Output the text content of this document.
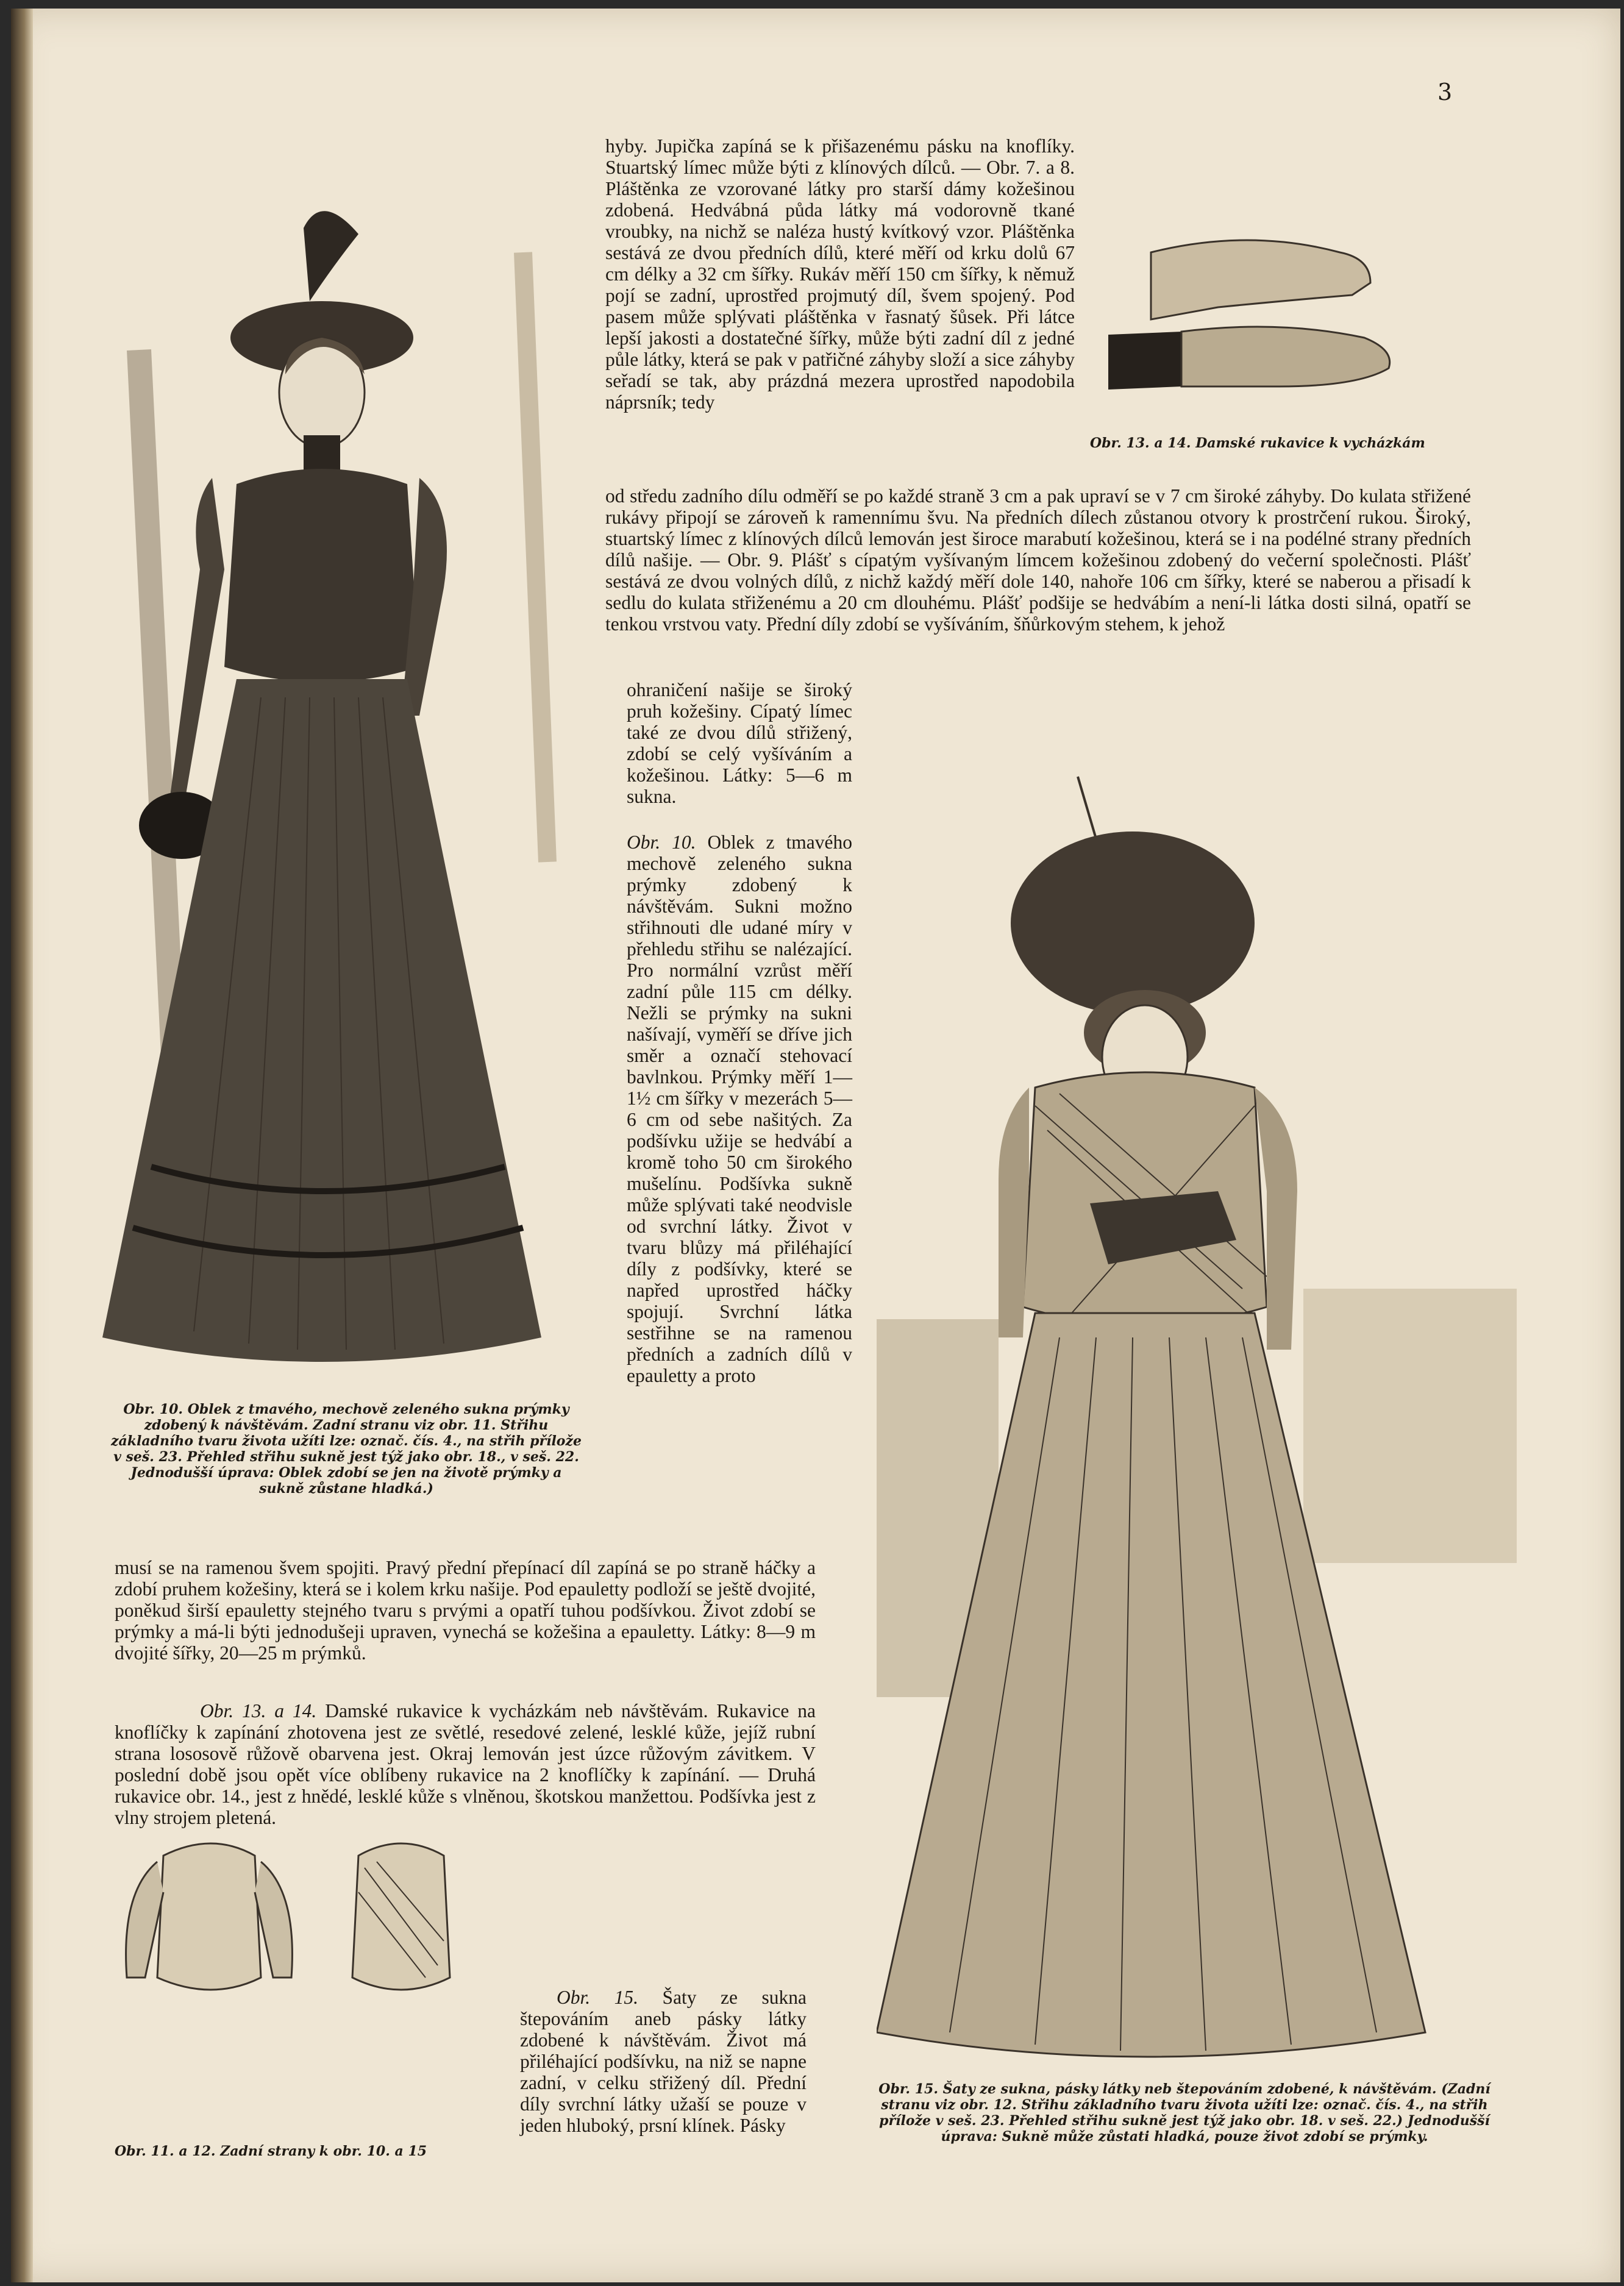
3

hyby. Jupička zapíná se k přišazenému pásku na knoflíky. Stuartský límec může býti z klínových dílců. — Obr. 7. a 8. Pláštěnka ze vzorované látky pro starší dámy kožešinou zdobená. Hedvábná půda látky má vodorovně tkané vroubky, na nichž se naléza hustý kvítkový vzor. Pláštěnka sestává ze dvou předních dílů, které měří od krku dolů 67 cm délky a 32 cm šířky. Rukáv měří 150 cm šířky, k němuž pojí se zadní, uprostřed projmutý díl, švem spojený. Pod pasem může splývati pláštěnka v řasnatý šůsek. Při látce lepší jakosti a dostatečné šířky, může býti zadní díl z jedné půle látky, která se pak v patřičné záhyby složí a sice záhyby seřadí se tak, aby prázdná mezera uprostřed napodobila náprsník; tedy

Obr. 13. a 14. Damské rukavice k vycházkám

od středu zadního dílu odměří se po každé straně 3 cm a pak upraví se v 7 cm široké záhyby. Do kulata střižené rukávy připojí se zároveň k ramennímu švu. Na předních dílech zůstanou otvory k prostrčení rukou. Široký, stuartský límec z klínových dílců lemován jest široce marabutí kožešinou, která se i na podélné strany předních dílů našije. — Obr. 9. Plášť s cípatým vyšívaným límcem kožešinou zdobený do večerní společnosti. Plášť sestává ze dvou volných dílů, z nichž každý měří dole 140, nahoře 106 cm šířky, které se naberou a přisadí k sedlu do kulata střiženému a 20 cm dlouhému. Plášť podšije se hedvábím a není-li látka dosti silná, opatří se tenkou vrstvou vaty. Přední díly zdobí se vyšíváním, šňůrkovým stehem, k jehož

ohraničení našije se široký pruh kožešiny. Cípatý límec také ze dvou dílů střižený, zdobí se celý vyšíváním a kožešinou. Látky: 5—6 m sukna.

Obr. 10. Oblek z tmavého mechově zeleného sukna prýmky zdobený k návštěvám. Sukni možno střihnouti dle udané míry v přehledu střihu se nalézající. Pro normální vzrůst měří zadní půle 115 cm délky. Nežli se prýmky na sukni našívají, vyměří se dříve jich směr a označí stehovací bavlnkou. Prýmky měří 1—1½ cm šířky v mezerách 5—6 cm od sebe našitých. Za podšívku užije se hedvábí a kromě toho 50 cm širokého mušelínu. Podšívka sukně může splývati také neodvisle od svrchní látky. Život v tvaru blůzy má přiléhající díly z podšívky, které se napřed uprostřed háčky spojují. Svrchní látka sestřihne se na ramenou předních a zadních dílů v epauletty a proto

Obr. 10. Oblek z tmavého, mechově zeleného sukna prýmky zdobený k návštěvám. Zadní stranu viz obr. 11. Střihu základního tvaru života užíti lze: označ. čís. 4., na střih přílože v seš. 23. Přehled střihu sukně jest týž jako obr. 18., v seš. 22. Jednodušší úprava: Oblek zdobí se jen na životě prýmky a sukně zůstane hladká.)

musí se na ramenou švem spojiti. Pravý přední přepínací díl zapíná se po straně háčky a zdobí pruhem kožešiny, která se i kolem krku našije. Pod epauletty podloží se ještě dvojité, poněkud širší epauletty stejného tvaru s prvými a opatří tuhou podšívkou. Život zdobí se prýmky a má-li býti jednodušeji upraven, vynechá se kožešina a epauletty. Látky: 8—9 m dvojité šířky, 20—25 m prýmků.

Obr. 13. a 14. Damské rukavice k vycházkám neb návštěvám. Rukavice na knoflíčky k zapínání zhotovena jest ze světlé, resedové zelené, lesklé kůže, jejíž rubní strana lososově růžově obarvena jest. Okraj lemován jest úzce růžovým závitkem. V poslední době jsou opět více oblíbeny rukavice na 2 knoflíčky k zapínání. — Druhá rukavice obr. 14., jest z hnědé, lesklé kůže s vlněnou, škotskou manžettou. Podšívka jest z vlny strojem pletená.

Obr. 11. a 12. Zadní strany k obr. 10. a 15

Obr. 15. Šaty ze sukna štepováním aneb pásky látky zdobené k návštěvám. Život má přiléhající podšívku, na niž se napne zadní, v celku střižený díl. Přední díly svrchní látky užaší se pouze v jeden hluboký, prsní klínek. Pásky

Obr. 15. Šaty ze sukna, pásky látky neb štepováním zdobené, k návštěvám. (Zadní stranu viz obr. 12. Střihu základního tvaru života užíti lze: označ. čís. 4., na střih přílože v seš. 23. Přehled střihu sukně jest týž jako obr. 18. v seš. 22.) Jednodušší úprava: Sukně může zůstati hladká, pouze život zdobí se prýmky.
